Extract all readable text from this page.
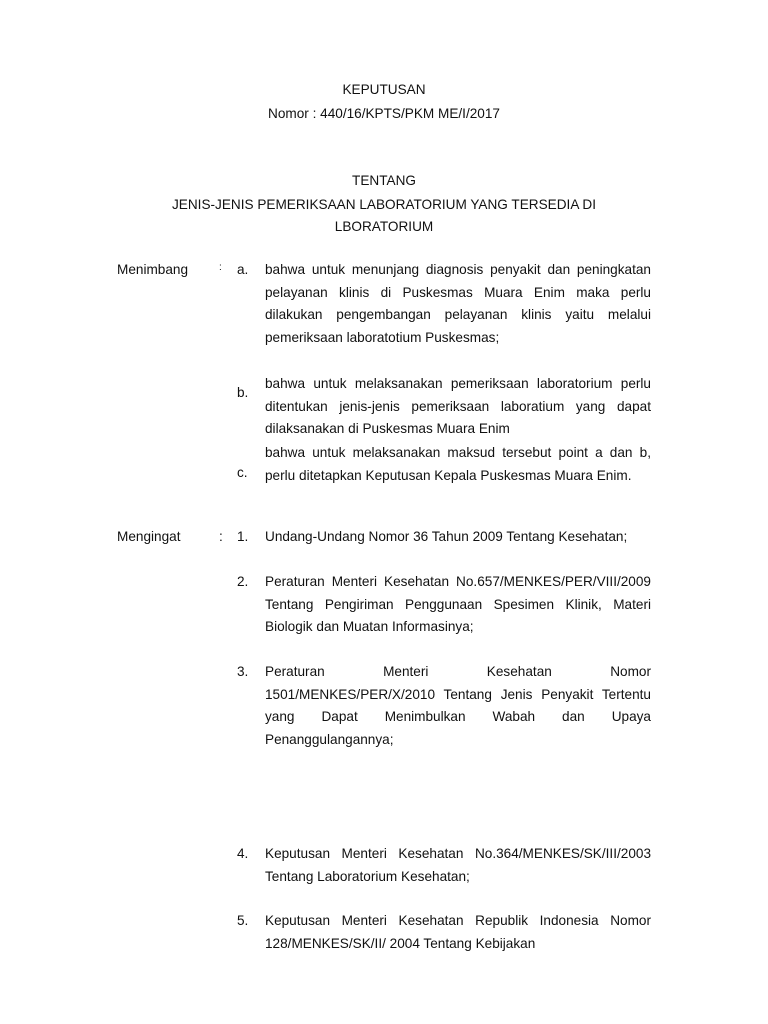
KEPUTUSAN
Nomor : 440/16/KPTS/PKM ME/I/2017
TENTANG
JENIS-JENIS PEMERIKSAAN LABORATORIUM YANG TERSEDIA DI
LBORATORIUM
Menimbang	: a. bahwa untuk menunjang diagnosis penyakit dan peningkatan pelayanan klinis di Puskesmas Muara Enim maka perlu dilakukan pengembangan pelayanan klinis yaitu melalui pemeriksaan laboratotium Puskesmas;

b.

bahwa untuk melaksanakan pemeriksaan laboratorium perlu ditentukan jenis-jenis pemeriksaan laboratium yang dapat dilaksanakan di Puskesmas Muara Enim

c.

bahwa untuk melaksanakan maksud tersebut point a dan b, perlu ditetapkan Keputusan Kepala Puskesmas Muara Enim.

Mengingat	: 1. Undang-Undang Nomor 36 Tahun 2009 Tentang Kesehatan;

2. Peraturan Menteri Kesehatan No.657/MENKES/PER/VIII/2009 Tentang Pengiriman Penggunaan Spesimen Klinik, Materi Biologik dan Muatan Informasinya;

3. Peraturan Menteri Kesehatan Nomor 1501/MENKES/PER/X/2010 Tentang Jenis Penyakit Tertentu yang Dapat Menimbulkan Wabah dan Upaya Penanggulangannya;

4. Keputusan Menteri Kesehatan No.364/MENKES/SK/III/2003 Tentang Laboratorium Kesehatan;

5. Keputusan Menteri Kesehatan Republik Indonesia Nomor 128/MENKES/SK/II/ 2004 Tentang Kebijakan
